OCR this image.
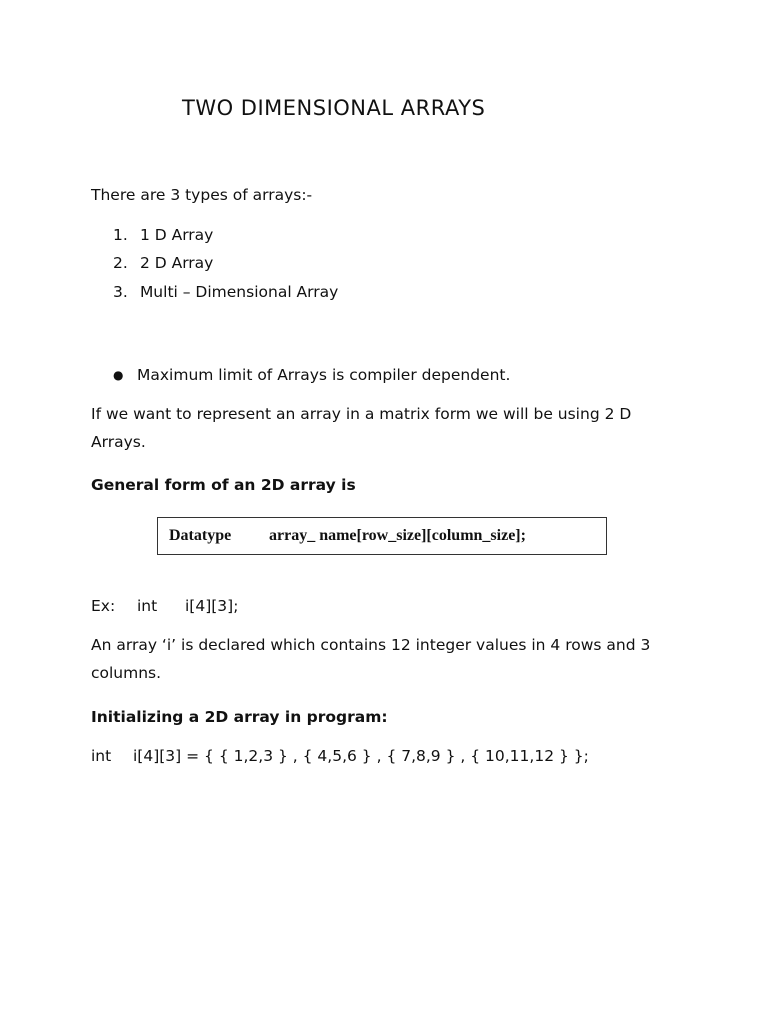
TWO DIMENSIONAL ARRAYS

There are 3 types of arrays:-

1. 1 D Array
2. 2 D Array
3. Multi – Dimensional Array
● Maximum limit of Arrays is compiler dependent.

If we want to represent an array in a matrix form we will be using 2 D Arrays.

General form of an 2D array is

Datatype array_ name[row_size][column_size];

Ex: int i[4][3];

An array ‘i’ is declared which contains 12 integer values in 4 rows and 3 columns.

Initializing a 2D array in program:

int i[4][3] = { { 1,2,3 } , { 4,5,6 } , { 7,8,9 } , { 10,11,12 } };
